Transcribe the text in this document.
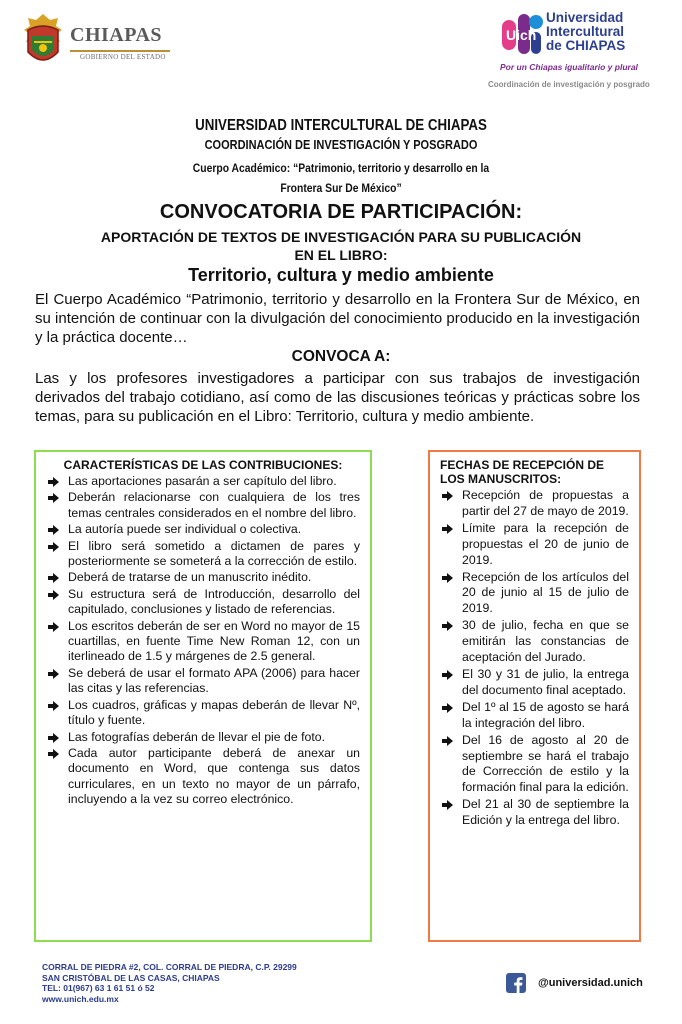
CHIAPAS
GOBIERNO DEL ESTADO
Uich
Universidad
Intercultural
de CHIAPAS
Por un Chiapas igualitario y plural
Coordinación de investigación y posgrado
UNIVERSIDAD INTERCULTURAL DE CHIAPAS
COORDINACIÓN DE INVESTIGACIÓN Y POSGRADO
Cuerpo Académico: “Patrimonio, territorio y desarrollo en la
Frontera Sur De México”
CONVOCATORIA DE PARTICIPACIÓN:
APORTACIÓN DE TEXTOS DE INVESTIGACIÓN PARA SU PUBLICACIÓN
EN EL LIBRO:
Territorio, cultura y medio ambiente
El Cuerpo Académico “Patrimonio, territorio y desarrollo en la Frontera Sur de México, en su intención de continuar con la divulgación del conocimiento producido en la investigación y la práctica docente…
CONVOCA A:
Las y los profesores investigadores a participar con sus trabajos de investigación derivados del trabajo cotidiano, así como de las discusiones teóricas y prácticas sobre los temas, para su publicación en el Libro: Territorio, cultura y medio ambiente.
CARACTERÍSTICAS DE LAS CONTRIBUCIONES:
Las aportaciones pasarán a ser capítulo del libro.
Deberán relacionarse con cualquiera de los tres temas centrales considerados en el nombre del libro.
La autoría puede ser individual o colectiva.
El libro será sometido a dictamen de pares y posteriormente se someterá a la corrección de estilo.
Deberá de tratarse de un manuscrito inédito.
Su estructura será de Introducción, desarrollo del capitulado, conclusiones y listado de referencias.
Los escritos deberán de ser en Word no mayor de 15 cuartillas, en fuente Time New Roman 12, con un iterlineado de 1.5 y márgenes de 2.5 general.
Se deberá de usar el formato APA (2006) para hacer las citas y las referencias.
Los cuadros, gráficas y mapas deberán de llevar Nº, título y fuente.
Las fotografías deberán de llevar el pie de foto.
Cada autor participante deberá de anexar un documento en Word, que contenga sus datos curriculares, en un texto no mayor de un párrafo, incluyendo a la vez su correo electrónico.
FECHAS DE RECEPCIÓN DE LOS MANUSCRITOS:
Recepción de propuestas a partir del 27 de mayo de 2019.
Límite para la recepción de propuestas el 20 de junio de 2019.
Recepción de los artículos del 20 de junio al 15 de julio de 2019.
30 de julio, fecha en que se emitirán las constancias de aceptación del Jurado.
El 30 y 31 de julio, la entrega del documento final aceptado.
Del 1º al 15 de agosto se hará la integración del libro.
Del 16 de agosto al 20 de septiembre se hará el trabajo de Corrección de estilo y la formación final para la edición.
Del 21 al 30 de septiembre la Edición y la entrega del libro.
CORRAL DE PIEDRA #2, COL. CORRAL DE PIEDRA, C.P. 29299
SAN CRISTÓBAL DE LAS CASAS, CHIAPAS
TEL: 01(967) 63 1 61 51 ó 52
www.unich.edu.mx
@universidad.unich
